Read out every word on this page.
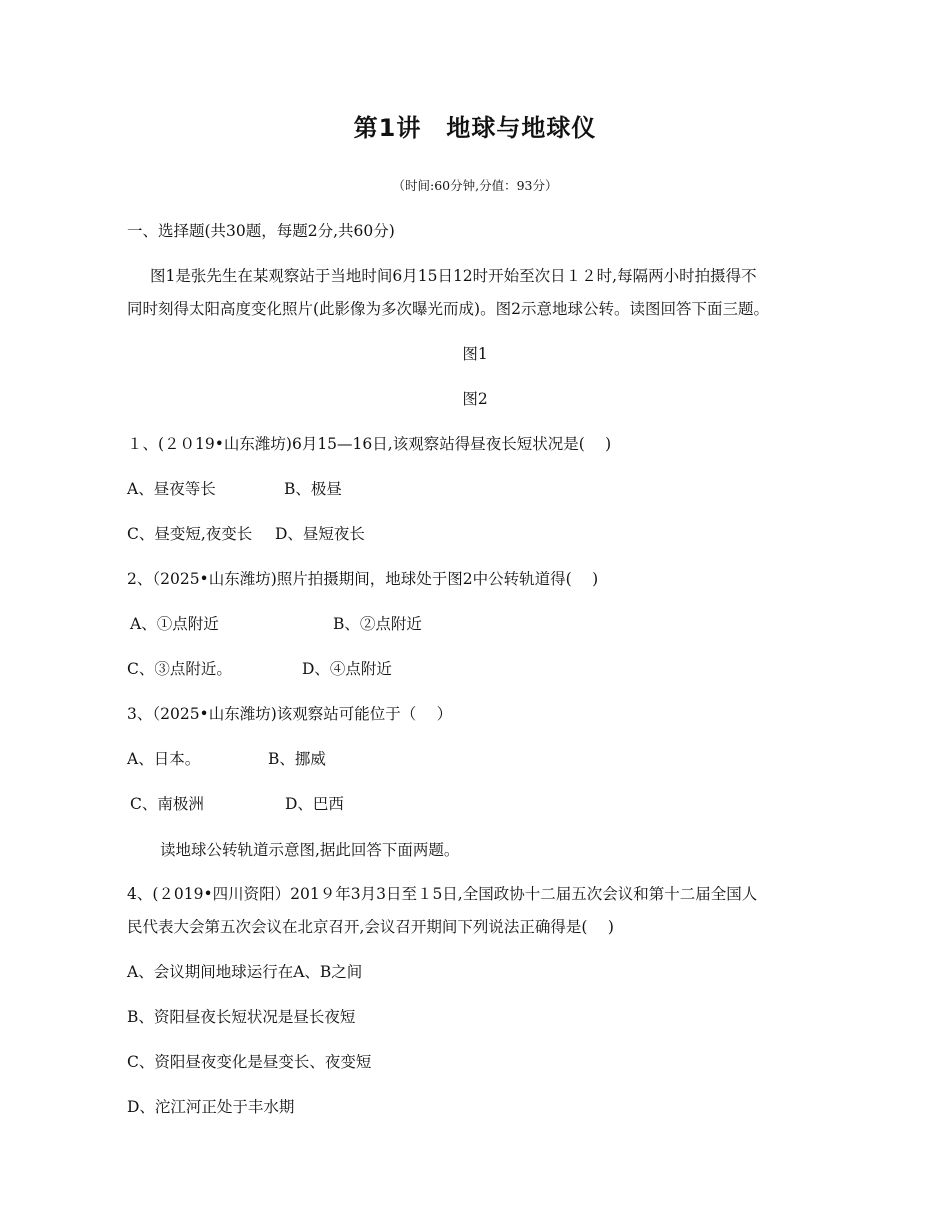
第1讲　地球与地球仪
（时间:60分钟,分值：93分）
一、选择题(共30题，每题2分,共60分)
图1是张先生在某观察站于当地时间6月15日12时开始至次日１２时,每隔两小时拍摄得不
同时刻得太阳高度变化照片(此影像为多次曝光而成)。图2示意地球公转。读图回答下面三题。
图1
图2
１、(２０19•山东潍坊)6月15—16日,该观察站得昼夜长短状况是(　 )
A、昼夜等长	B、极昼
C、昼变短,夜变长 D、昼短夜长
2、（2025•山东潍坊)照片拍摄期间，地球处于图2中公转轨道得(　 )
A、①点附近	B、②点附近
C、③点附近。	D、④点附近
3、（2025•山东潍坊)该观察站可能位于（　 ）
A、日本。	B、挪威
C、南极洲	D、巴西
读地球公转轨道示意图,据此回答下面两题。
4、(２019•四川资阳）201９年3月3日至１5日,全国政协十二届五次会议和第十二届全国人
民代表大会第五次会议在北京召开,会议召开期间下列说法正确得是(　 )
A、会议期间地球运行在A、B之间
B、资阳昼夜长短状况是昼长夜短
C、资阳昼夜变化是昼变长、夜变短
D、沱江河正处于丰水期
